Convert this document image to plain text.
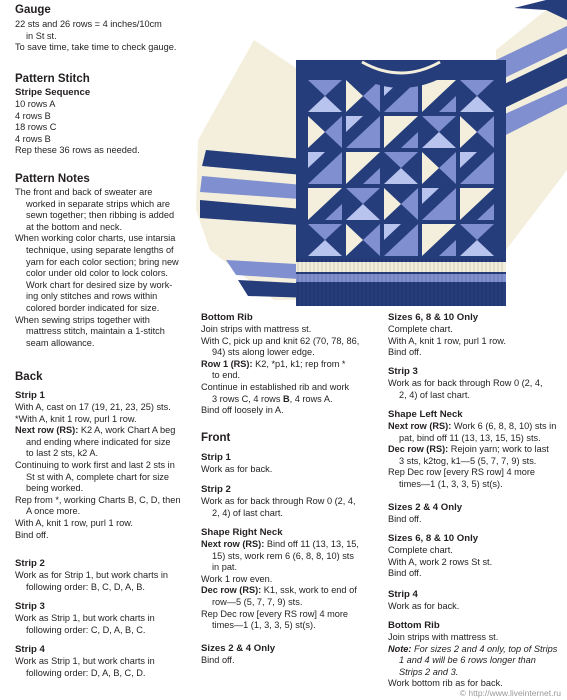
Gauge
22 sts and 26 rows = 4 inches/10cm
in St st.
To save time, take time to check gauge.
Pattern Stitch
Stripe Sequence
10 rows A
4 rows B
18 rows C
4 rows B
Rep these 36 rows as needed.
Pattern Notes
The front and back of sweater are
worked in separate strips which are
sewn together; then ribbing is added
at the bottom and neck.
When working color charts, use intarsia
technique, using separate lengths of
yarn for each color section; bring new
color under old color to lock colors.
Work chart for desired size by work-
ing only stitches and rows within
colored border indicated for size.
When sewing strips together with
mattress stitch, maintain a 1-stitch
seam allowance.
Back
Strip 1
With A, cast on 17 (19, 21, 23, 25) sts.
*With A, knit 1 row, purl 1 row.
Next row (RS): K2 A, work Chart A beg
and ending where indicated for size
to last 2 sts, k2 A.
Continuing to work first and last 2 sts in
St st with A, complete chart for size
being worked.
Rep from *, working Charts B, C, D, then
A once more.
With A, knit 1 row, purl 1 row.
Bind off.
Strip 2
Work as for Strip 1, but work charts in
following order: B, C, D, A, B.
Strip 3
Work as Strip 1, but work charts in
following order: C, D, A, B, C.
Strip 4
Work as Strip 1, but work charts in
following order: D, A, B, C, D.
Bottom Rib
Join strips with mattress st.
With C, pick up and knit 62 (70, 78, 86,
94) sts along lower edge.
Row 1 (RS): K2, *p1, k1; rep from *
to end.
Continue in established rib and work
3 rows C, 4 rows B, 4 rows A.
Bind off loosely in A.
Front
Strip 1
Work as for back.
Strip 2
Work as for back through Row 0 (2, 4,
2, 4) of last chart.
Shape Right Neck
Next row (RS): Bind off 11 (13, 13, 15,
15) sts, work rem 6 (6, 8, 8, 10) sts
in pat.
Work 1 row even.
Dec row (RS): K1, ssk, work to end of
row—5 (5, 7, 7, 9) sts.
Rep Dec row [every RS row] 4 more
times—1 (1, 3, 3, 5) st(s).
Sizes 2 & 4 Only
Bind off.
Sizes 6, 8 & 10 Only
Complete chart.
With A, knit 1 row, purl 1 row.
Bind off.
Strip 3
Work as for back through Row 0 (2, 4,
2, 4) of last chart.
Shape Left Neck
Next row (RS): Work 6 (6, 8, 8, 10) sts in
pat, bind off 11 (13, 13, 15, 15) sts.
Dec row (RS): Rejoin yarn; work to last
3 sts, k2tog, k1—5 (5, 7, 7, 9) sts.
Rep Dec row [every RS row] 4 more
times—1 (1, 3, 3, 5) st(s).
Sizes 2 & 4 Only
Bind off.
Sizes 6, 8 & 10 Only
Complete chart.
With A, work 2 rows St st.
Bind off.
Strip 4
Work as for back.
Bottom Rib
Join strips with mattress st.
Note: For sizes 2 and 4 only, top of Strips
1 and 4 will be 6 rows longer than
Strips 2 and 3.
Work bottom rib as for back.
© http://www.liveinternet.ru
